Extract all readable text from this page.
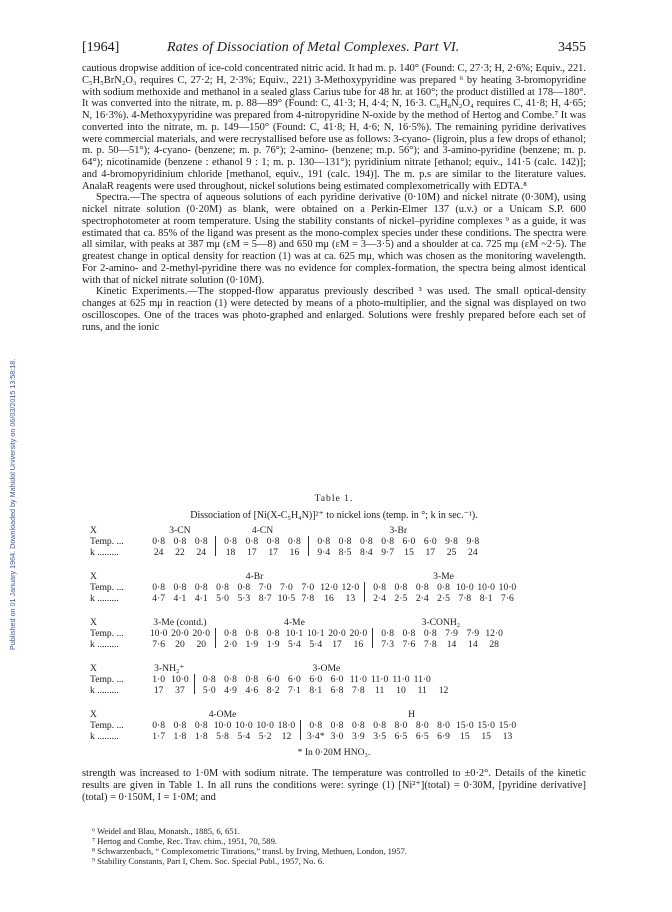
Published on 01 January 1964. Downloaded by Mahidol University on 06/03/2015 13:58:18.
[1964]	Rates of Dissociation of Metal Complexes. Part VI.	3455

cautious dropwise addition of ice-cold concentrated nitric acid. It had m. p. 140° (Found: C, 27·3; H, 2·6%; Equiv., 221. C₅H₅BrN₂O₃ requires C, 27·2; H, 2·3%; Equiv., 221) 3-Methoxypyridine was prepared ⁶ by heating 3-bromopyridine with sodium methoxide and methanol in a sealed glass Carius tube for 48 hr. at 160°; the product distilled at 178—180°. It was converted into the nitrate, m. p. 88—89° (Found: C, 41·3; H, 4·4; N, 16·3. C₆H₈N₂O₄ requires C, 41·8; H, 4·65; N, 16·3%). 4-Methoxypyridine was prepared from 4-nitropyridine N-oxide by the method of Hertog and Combe.⁷ It was converted into the nitrate, m. p. 149—150° (Found: C, 41·8; H, 4·6; N, 16·5%). The remaining pyridine derivatives were commercial materials, and were recrystallised before use as follows: 3-cyano- (ligroin, plus a few drops of ethanol; m. p. 50—51°); 4-cyano- (benzene; m. p. 76°); 2-amino- (benzene; m.p. 56°); and 3-amino-pyridine (benzene; m. p. 64°); nicotinamide (benzene : ethanol 9 : 1; m. p. 130—131°); pyridinium nitrate [ethanol; equiv., 141·5 (calc. 142)]; and 4-bromopyridinium chloride [methanol, equiv., 191 (calc. 194)]. The m. p.s are similar to the literature values. AnalaR reagents were used throughout, nickel solutions being estimated complexometrically with EDTA.⁸

Spectra.—The spectra of aqueous solutions of each pyridine derivative (0·10M) and nickel nitrate (0·30M), using nickel nitrate solution (0·20M) as blank, were obtained on a Perkin-Elmer 137 (u.v.) or a Unicam S.P. 600 spectrophotometer at room temperature. Using the stability constants of nickel–pyridine complexes ⁹ as a guide, it was estimated that ca. 85% of the ligand was present as the mono-complex species under these conditions. The spectra were all similar, with peaks at 387 mμ (εM = 5—8) and 650 mμ (εM = 3—3·5) and a shoulder at ca. 725 mμ (εM ~2·5). The greatest change in optical density for reaction (1) was at ca. 625 mμ, which was chosen as the monitoring wavelength. For 2-amino- and 2-methyl-pyridine there was no evidence for complex-formation, the spectra being almost identical with that of nickel nitrate solution (0·10M).

Kinetic Experiments.—The stopped-flow apparatus previously described ³ was used. The small optical-density changes at 625 mμ in reaction (1) were detected by means of a photo-multiplier, and the signal was displayed on two oscilloscopes. One of the traces was photo-graphed and enlarged. Solutions were freshly prepared before each set of runs, and the ionic

Table 1.
Dissociation of [Ni(X-C₅H₄N)]²⁺ to nickel ions (temp. in °; k in sec.⁻¹).
X	3-CN	4-CN	3-Br
Temp. ...	0·8 0·8 0·8	0·8 0·8 0·8 0·8	0·8 0·8 0·8 0·8 6·0 6·0 9·8 9·8
k .........	24	22	24	18	17	17	16	9·4 8·5 8·4 9·7	15	17	25	24
X	4-Br	3-Me
Temp. ...	0·8 0·8 0·8 0·8 0·8 7·0 7·0 7·0 12·0 12·0	0·8 0·8 0·8 0·8 10·0 10·0 10·0
k .........	4·7 4·1 4·1 5·0 5·3 8·7 10·5 7·8	16	13	2·4 2·5 2·4 2·5 7·8 8·1 7·6
X	3-Me (contd.)	4-Me	3-CONH₂
Temp. ...	10·0 20·0 20·0	0·8 0·8 0·8 10·1 10·1 20·0 20·0	0·8 0·8 0·8 7·9 7·9 12·0
k .........	7·6	20	20	2·0 1·9 1·9 5·4 5·4	17	16	7·3 7·6 7·8	14	14	28
X	3-NH₂⁺	3-OMe
Temp. ...	1·0 10·0	0·8 0·8 0·8 6·0 6·0 6·0 6·0 11·0 11·0 11·0 11·0
k .........	17	37	5·0 4·9 4·6 8·2 7·1 8·1 6·8 7·8	11	10	11	12
X	4-OMe	H
Temp. ...	0·8 0·8 0·8 10·0 10·0 10·0 18·0	0·8 0·8 0·8 0·8 8·0 8·0 8·0 15·0 15·0 15·0
k .........	1·7 1·8 1·8 5·8 5·4 5·2	12	3·4* 3·0 3·9 3·5 6·5 6·5 6·9	15	15	13
* In 0·20M HNO₃.

strength was increased to 1·0M with sodium nitrate. The temperature was controlled to ±0·2°. Details of the kinetic results are given in Table 1. In all runs the conditions were: syringe (1) [Ni²⁺](total) = 0·30M, [pyridine derivative](total) = 0·150M, I = 1·0M; and

⁶ Weidel and Blau, Monatsh., 1885, 6, 651.
⁷ Hertog and Combe, Rec. Trav. chim., 1951, 70, 589.
⁸ Schwarzenbach, “ Complexometric Titrations,” transl. by Irving, Methuen, London, 1957.
⁹ Stability Constants, Part I, Chem. Soc. Special Publ., 1957, No. 6.
